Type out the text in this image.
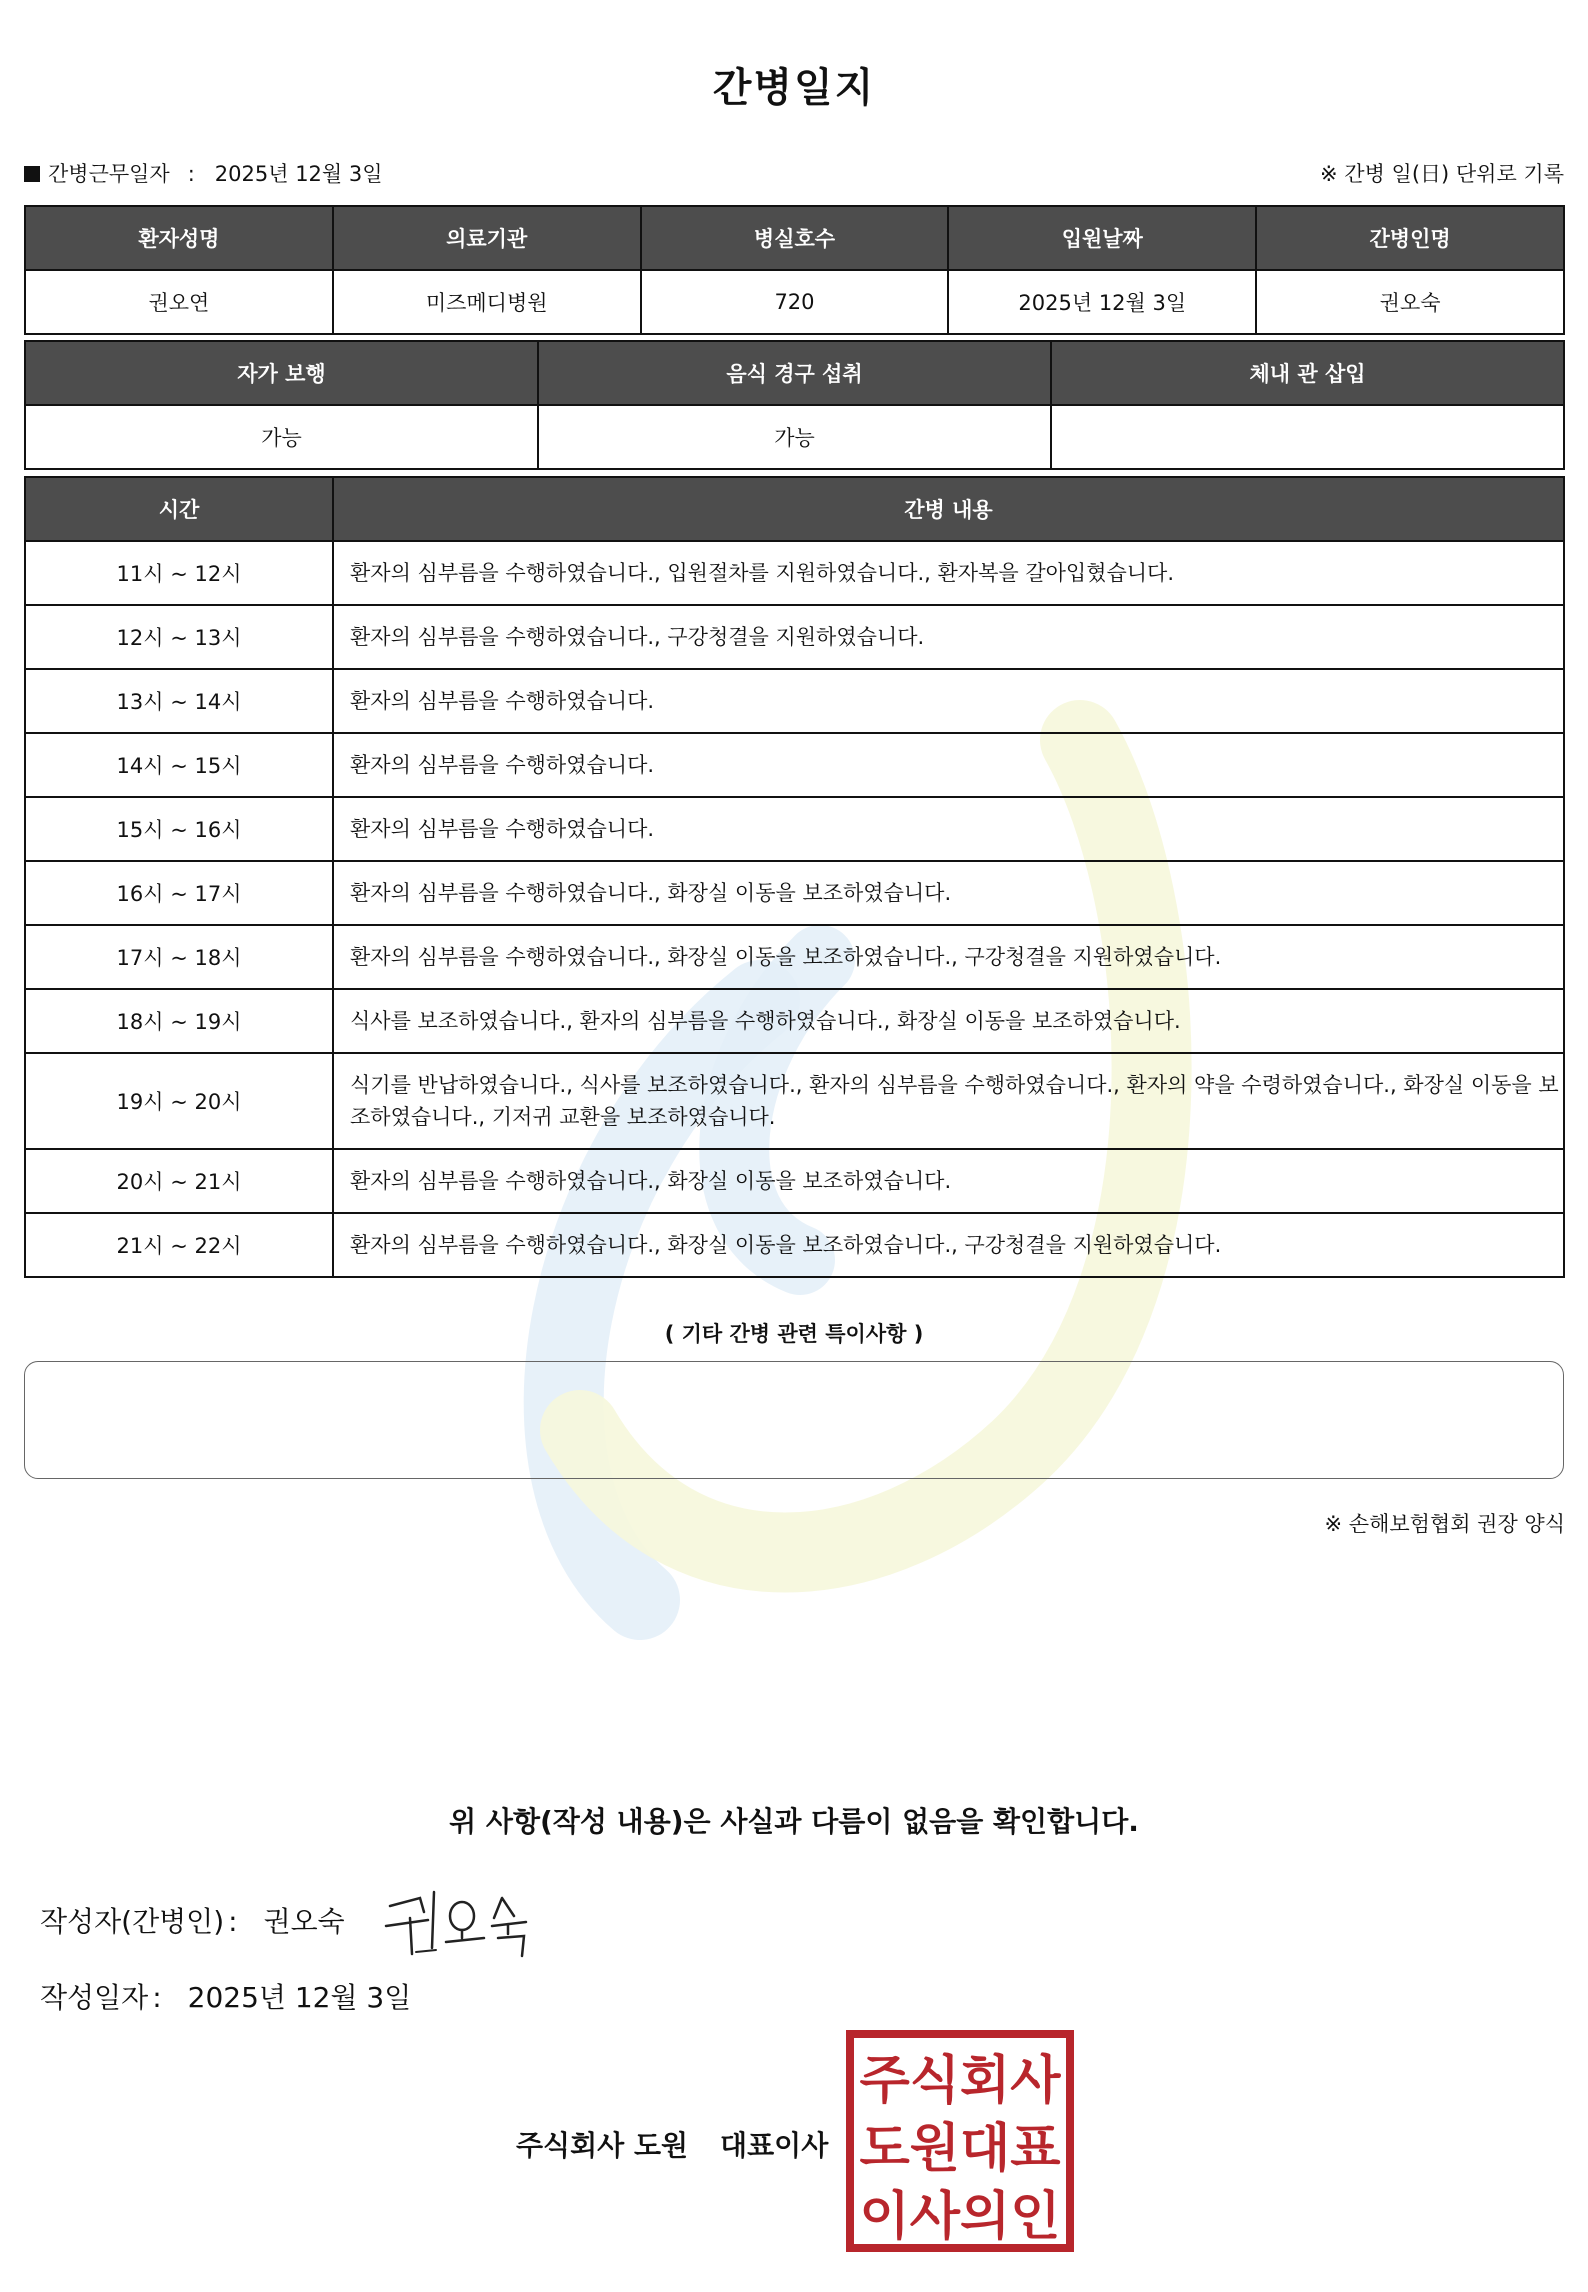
간병일지
간병근무일자 : 2025년 12월 3일	※ 간병 일(日) 단위로 기록
환자성명	의료기관	병실호수	입원날짜	간병인명
권오연	미즈메디병원	720	2025년 12월 3일	권오숙
자가 보행	음식 경구 섭취	체내 관 삽입
가능	가능	
시간	간병 내용
11시 ~ 12시	환자의 심부름을 수행하였습니다., 입원절차를 지원하였습니다., 환자복을 갈아입혔습니다.
12시 ~ 13시	환자의 심부름을 수행하였습니다., 구강청결을 지원하였습니다.
13시 ~ 14시	환자의 심부름을 수행하였습니다.
14시 ~ 15시	환자의 심부름을 수행하였습니다.
15시 ~ 16시	환자의 심부름을 수행하였습니다.
16시 ~ 17시	환자의 심부름을 수행하였습니다., 화장실 이동을 보조하였습니다.
17시 ~ 18시	환자의 심부름을 수행하였습니다., 화장실 이동을 보조하였습니다., 구강청결을 지원하였습니다.
18시 ~ 19시	식사를 보조하였습니다., 환자의 심부름을 수행하였습니다., 화장실 이동을 보조하였습니다.
19시 ~ 20시	식기를 반납하였습니다., 식사를 보조하였습니다., 환자의 심부름을 수행하였습니다., 환자의 약을 수령하였습니다., 화장실 이동을 보조하였습니다., 기저귀 교환을 보조하였습니다.
20시 ~ 21시	환자의 심부름을 수행하였습니다., 화장실 이동을 보조하였습니다.
21시 ~ 22시	환자의 심부름을 수행하였습니다., 화장실 이동을 보조하였습니다., 구강청결을 지원하였습니다.
( 기타 간병 관련 특이사항 )
※ 손해보험협회 권장 양식
위 사항(작성 내용)은 사실과 다름이 없음을 확인합니다.
작성자(간병인) : 권오숙
작성일자 : 2025년 12월 3일
주식회사 도원 대표이사
주식회사
도원대표
이사의인
